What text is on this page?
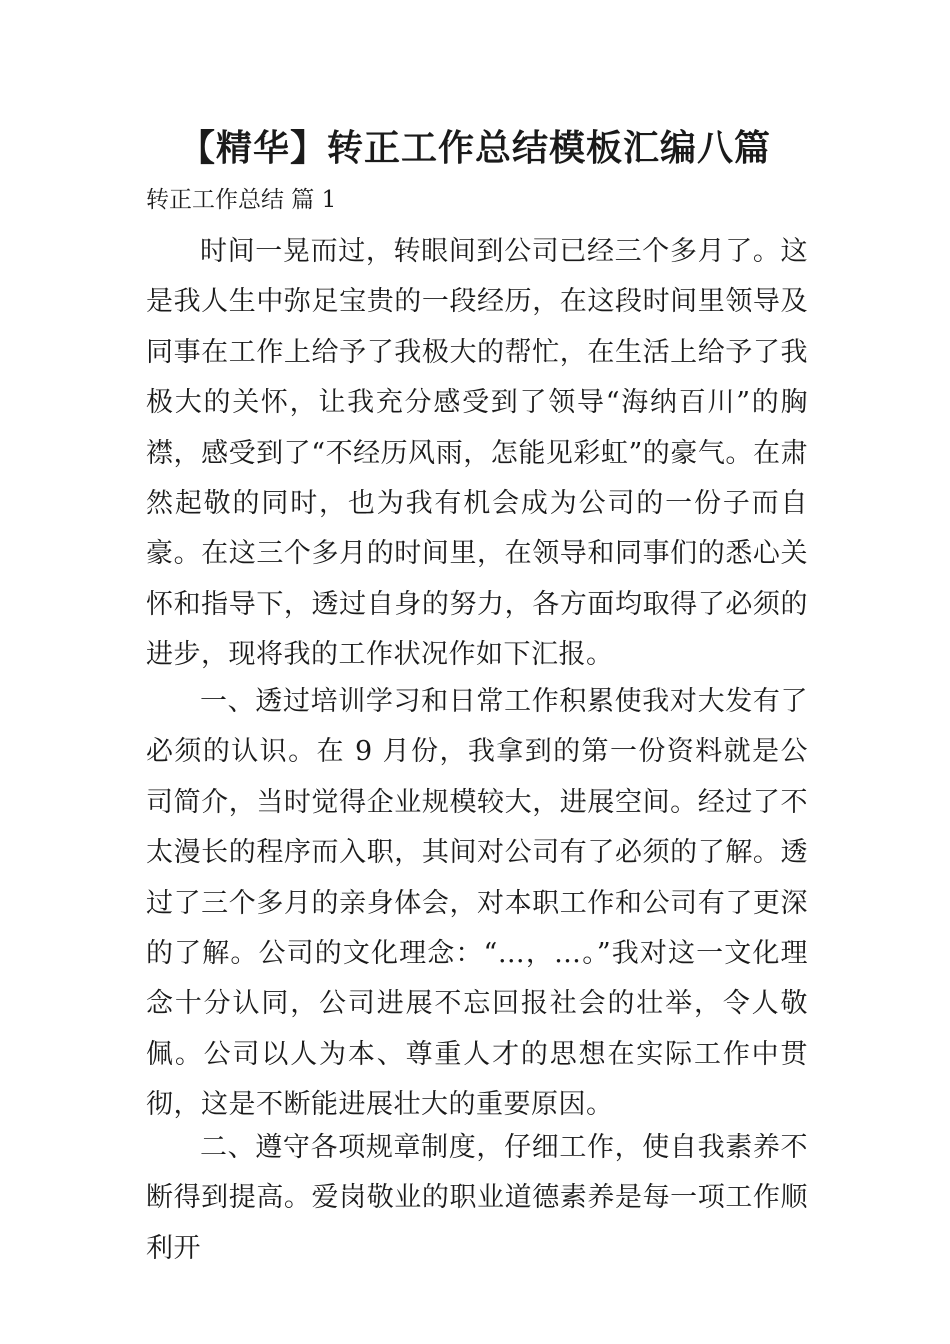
【精华】转正工作总结模板汇编八篇
转正工作总结 篇 1

时间一晃而过，转眼间到公司已经三个多月了。这是我人生中弥足宝贵的一段经历，在这段时间里领导及同事在工作上给予了我极大的帮忙，在生活上给予了我极大的关怀，让我充分感受到了领导“海纳百川”的胸襟，感受到了“不经历风雨，怎能见彩虹”的豪气。在肃然起敬的同时，也为我有机会成为公司的一份子而自豪。在这三个多月的时间里，在领导和同事们的悉心关怀和指导下，透过自身的努力，各方面均取得了必须的进步，现将我的工作状况作如下汇报。

一、透过培训学习和日常工作积累使我对大发有了必须的认识。在 9 月份，我拿到的第一份资料就是公司简介，当时觉得企业规模较大，进展空间。经过了不太漫长的程序而入职，其间对公司有了必须的了解。透过了三个多月的亲身体会，对本职工作和公司有了更深的了解。公司的文化理念：“…，…。”我对这一文化理念十分认同，公司进展不忘回报社会的壮举，令人敬佩。公司以人为本、尊重人才的思想在实际工作中贯彻，这是不断能进展壮大的重要原因。

二、遵守各项规章制度，仔细工作，使自我素养不断得到提高。爱岗敬业的职业道德素养是每一项工作顺利开
